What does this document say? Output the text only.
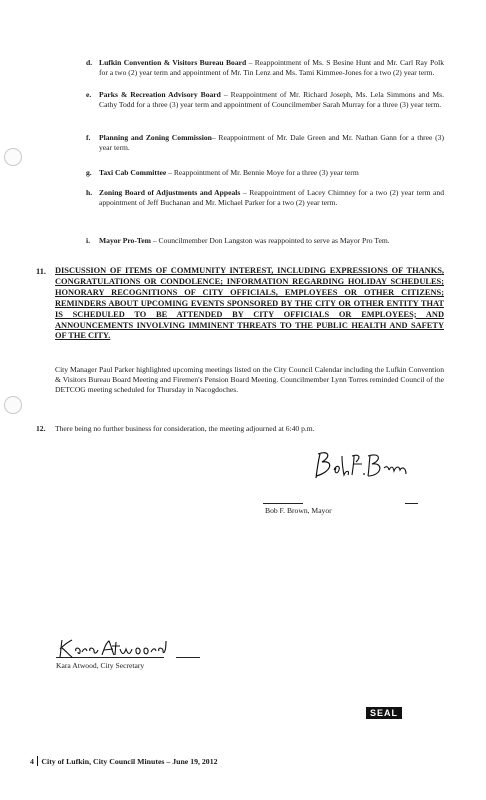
d. Lufkin Convention & Visitors Bureau Board – Reappointment of Ms. S Besine Hunt and Mr. Carl Ray Polk for a two (2) year term and appointment of Mr. Tin Lenz and Ms. Tami Kimmee-Jones for a two (2) year term.
e. Parks & Recreation Advisory Board – Reappointment of Mr. Richard Joseph, Ms. Lela Simmons and Ms. Cathy Todd for a three (3) year term and appointment of Councilmember Sarah Murray for a three (3) year term.
f. Planning and Zoning Commission– Reappointment of Mr. Dale Green and Mr. Nathan Gann for a three (3) year term.
g. Taxi Cab Committee – Reappointment of Mr. Bennie Moye for a three (3) year term
h. Zoning Board of Adjustments and Appeals – Reappointment of Lacey Chimney for a two (2) year term and appointment of Jeff Buchanan and Mr. Michael Parker for a two (2) year term.
i. Mayor Pro-Tem – Councilmember Don Langston was reappointed to serve as Mayor Pro Tem.
11. DISCUSSION OF ITEMS OF COMMUNITY INTEREST, INCLUDING EXPRESSIONS OF THANKS, CONGRATULATIONS OR CONDOLENCE; INFORMATION REGARDING HOLIDAY SCHEDULES; HONORARY RECOGNITIONS OF CITY OFFICIALS, EMPLOYEES OR OTHER CITIZENS; REMINDERS ABOUT UPCOMING EVENTS SPONSORED BY THE CITY OR OTHER ENTITY THAT IS SCHEDULED TO BE ATTENDED BY CITY OFFICIALS OR EMPLOYEES; AND ANNOUNCEMENTS INVOLVING IMMINENT THREATS TO THE PUBLIC HEALTH AND SAFETY OF THE CITY.
City Manager Paul Parker highlighted upcoming meetings listed on the City Council Calendar including the Lufkin Convention & Visitors Bureau Board Meeting and Firemen's Pension Board Meeting. Councilmember Lynn Torres reminded Council of the DETCOG meeting scheduled for Thursday in Nacogdoches.
12. There being no further business for consideration, the meeting adjourned at 6:40 p.m.
Bob F. Brown, Mayor
Kara Atwood, City Secretary
SEAL
4 City of Lufkin, City Council Minutes – June 19, 2012
